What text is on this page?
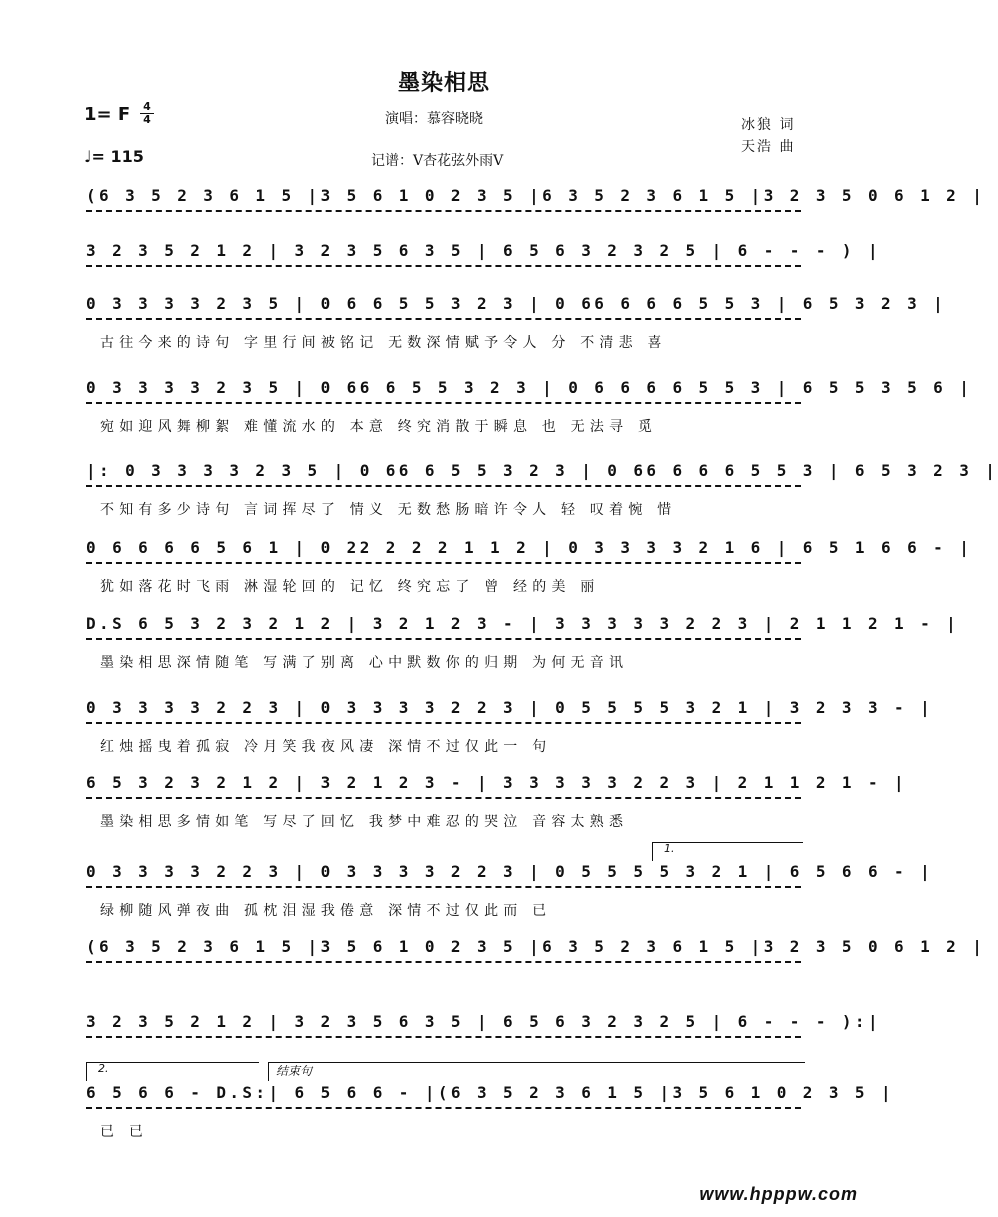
墨染相思
1= F 4
4
♩= 115
演唱：慕容晓晓
记谱：V杏花弦外雨V
冰狼 词
天浩 曲
(6 3 5 2 3 6 1 5 |3 5 6 1 0 2 3 5 |6 3 5 2 3 6 1 5 |3 2 3 5 0 6 1 2 |
3 2 3 5 2 1 2 | 3 2 3 5 6 3 5 | 6 5 6 3 2 3 2 5 | 6 - - - ) |
0 3 3 3 3 2 3 5 | 0 6 6 5 5 3 2 3 | 0 66 6 6 6 5 5 3 | 6 5 3 2 3 |
古往今来的诗句 字里行间被铭记 无数深情赋予令人 分 不清悲 喜
0 3 3 3 3 2 3 5 | 0 66 6 5 5 3 2 3 | 0 6 6 6 6 5 5 3 | 6 5 5 3 5 6 |
宛如迎风舞柳絮 难懂流水的 本意 终究消散于瞬息 也 无法寻 觅
|: 0 3 3 3 3 2 3 5 | 0 66 6 5 5 3 2 3 | 0 66 6 6 6 5 5 3 | 6 5 3 2 3 |
不知有多少诗句 言词挥尽了 情义 无数愁肠暗许令人 轻 叹着惋 惜
0 6 6 6 6 5 6 1 | 0 22 2 2 2 1 1 2 | 0 3 3 3 3 2 1 6 | 6 5 1 6 6 - |
犹如落花时飞雨 淋湿轮回的 记忆 终究忘了 曾 经的美 丽
D.S 6 5 3 2 3 2 1 2 | 3 2 1 2 3 - | 3 3 3 3 3 2 2 3 | 2 1 1 2 1 - |
墨染相思深情随笔 写满了别离 心中默数你的归期 为何无音讯
0 3 3 3 3 2 2 3 | 0 3 3 3 3 2 2 3 | 0 5 5 5 5 3 2 1 | 3 2 3 3 - |
红烛摇曳着孤寂 冷月笑我夜风凄 深情不过仅此一 句
6 5 3 2 3 2 1 2 | 3 2 1 2 3 - | 3 3 3 3 3 2 2 3 | 2 1 1 2 1 - |
墨染相思多情如笔 写尽了回忆 我梦中难忍的哭泣 音容太熟悉
0 3 3 3 3 2 2 3 | 0 3 3 3 3 2 2 3 | 0 5 5 5 5 3 2 1 | 6 5 6 6 - |
绿柳随风弹夜曲 孤枕泪湿我倦意 深情不过仅此而 已
(6 3 5 2 3 6 1 5 |3 5 6 1 0 2 3 5 |6 3 5 2 3 6 1 5 |3 2 3 5 0 6 1 2 |
3 2 3 5 2 1 2 | 3 2 3 5 6 3 5 | 6 5 6 3 2 3 2 5 | 6 - - - ):|
6 5 6 6 - D.S:| 6 5 6 6 - |(6 3 5 2 3 6 1 5 |3 5 6 1 0 2 3 5 |
已 已
1.
2.	结束句
www.hpppw.com
